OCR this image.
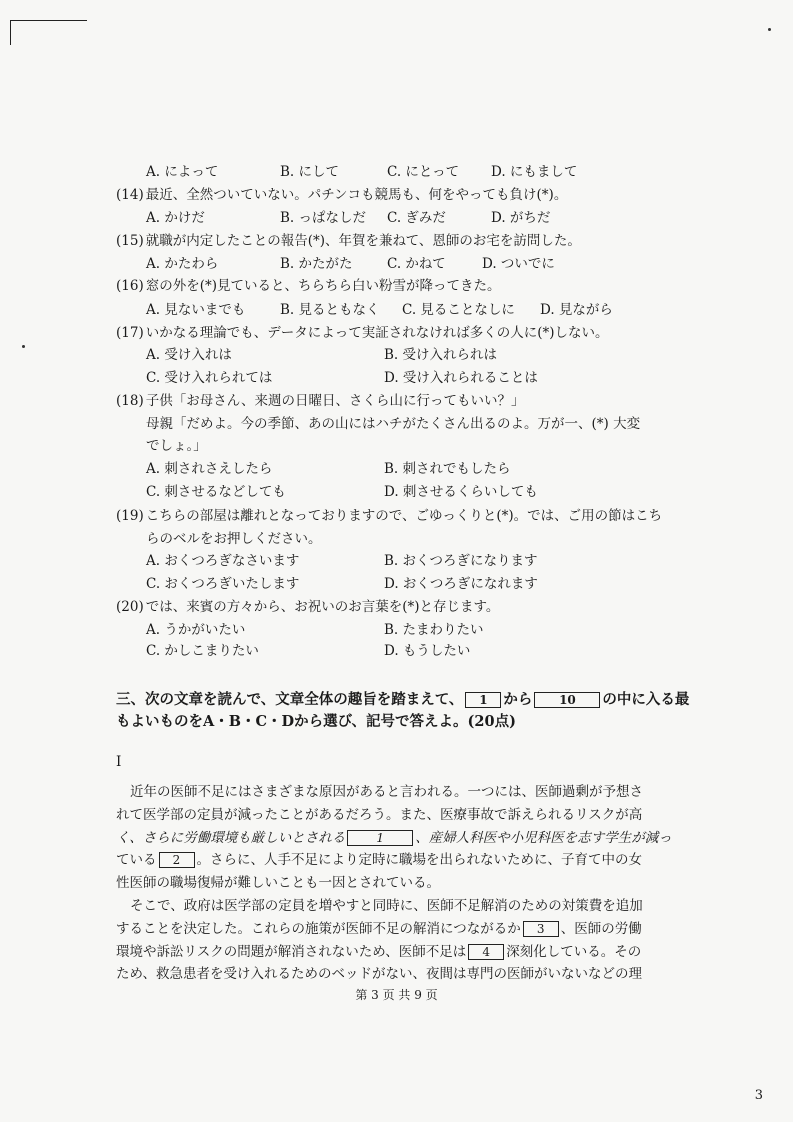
A. によって	B. にして	C. にとって D. にもまして
(14) 最近、全然ついていない。パチンコも競馬も、何をやっても負け(*)。
A. かけだ	B. っぱなしだ C. ぎみだ	D. がちだ
(15) 就職が内定したことの報告(*)、年賀を兼ねて、恩師のお宅を訪問した。
A. かたわら	B. かたがた	C. かねて	D. ついでに
(16) 窓の外を(*)見ていると、ちらちら白い粉雪が降ってきた。
A. 見ないまでも	B. 見るともなく C. 見ることなしに D. 見ながら
(17) いかなる理論でも、データによって実証されなければ多くの人に(*)しない。
A. 受け入れは	B. 受け入れられは
C. 受け入れられては	D. 受け入れられることは
(18) 子供「お母さん、来週の日曜日、さくら山に行ってもいい？」
母親「だめよ。今の季節、あの山にはハチがたくさん出るのよ。万が一、(*) 大変
でしょ。」
A. 刺されさえしたら	B. 刺されでもしたら
C. 刺させるなどしても	D. 刺させるくらいしても
(19) こちらの部屋は離れとなっておりますので、ごゆっくりと(*)。では、ご用の節はこち
らのベルをお押しください。
A. おくつろぎなさいます	B. おくつろぎになります
C. おくつろぎいたします	D. おくつろぎになれます
(20) では、来賓の方々から、お祝いのお言葉を(*)と存じます。
A. うかがいたい	B. たまわりたい
C. かしこまりたい	D. もうしたい
三、次の文章を読んで、文章全体の趣旨を踏まえて、 1 から 10 の中に入る最
もよいものをA・B・C・Dから選び、記号で答えよ。(20点)
I
近年の医師不足にはさまざまな原因があると言われる。一つには、医師過剰が予想さ
れて医学部の定員が減ったことがあるだろう。また、医療事故で訴えられるリスクが高
く、さらに労働環境も厳しいとされる	1 、産婦人科医や小児科医を志す学生が減っ
ている 2 。さらに、人手不足により定時に職場を出られないために、子育て中の女
性医師の職場復帰が難しいことも一因とされている。
そこで、政府は医学部の定員を増やすと同時に、医師不足解消のための対策費を追加
することを決定した。これらの施策が医師不足の解消につながるか 3 、医師の労働
環境や訴訟リスクの問題が解消されないため、医師不足は 4 深刻化している。その
ため、救急患者を受け入れるためのベッドがない、夜間は専門の医師がいないなどの理
第 3 页 共 9 页
3
